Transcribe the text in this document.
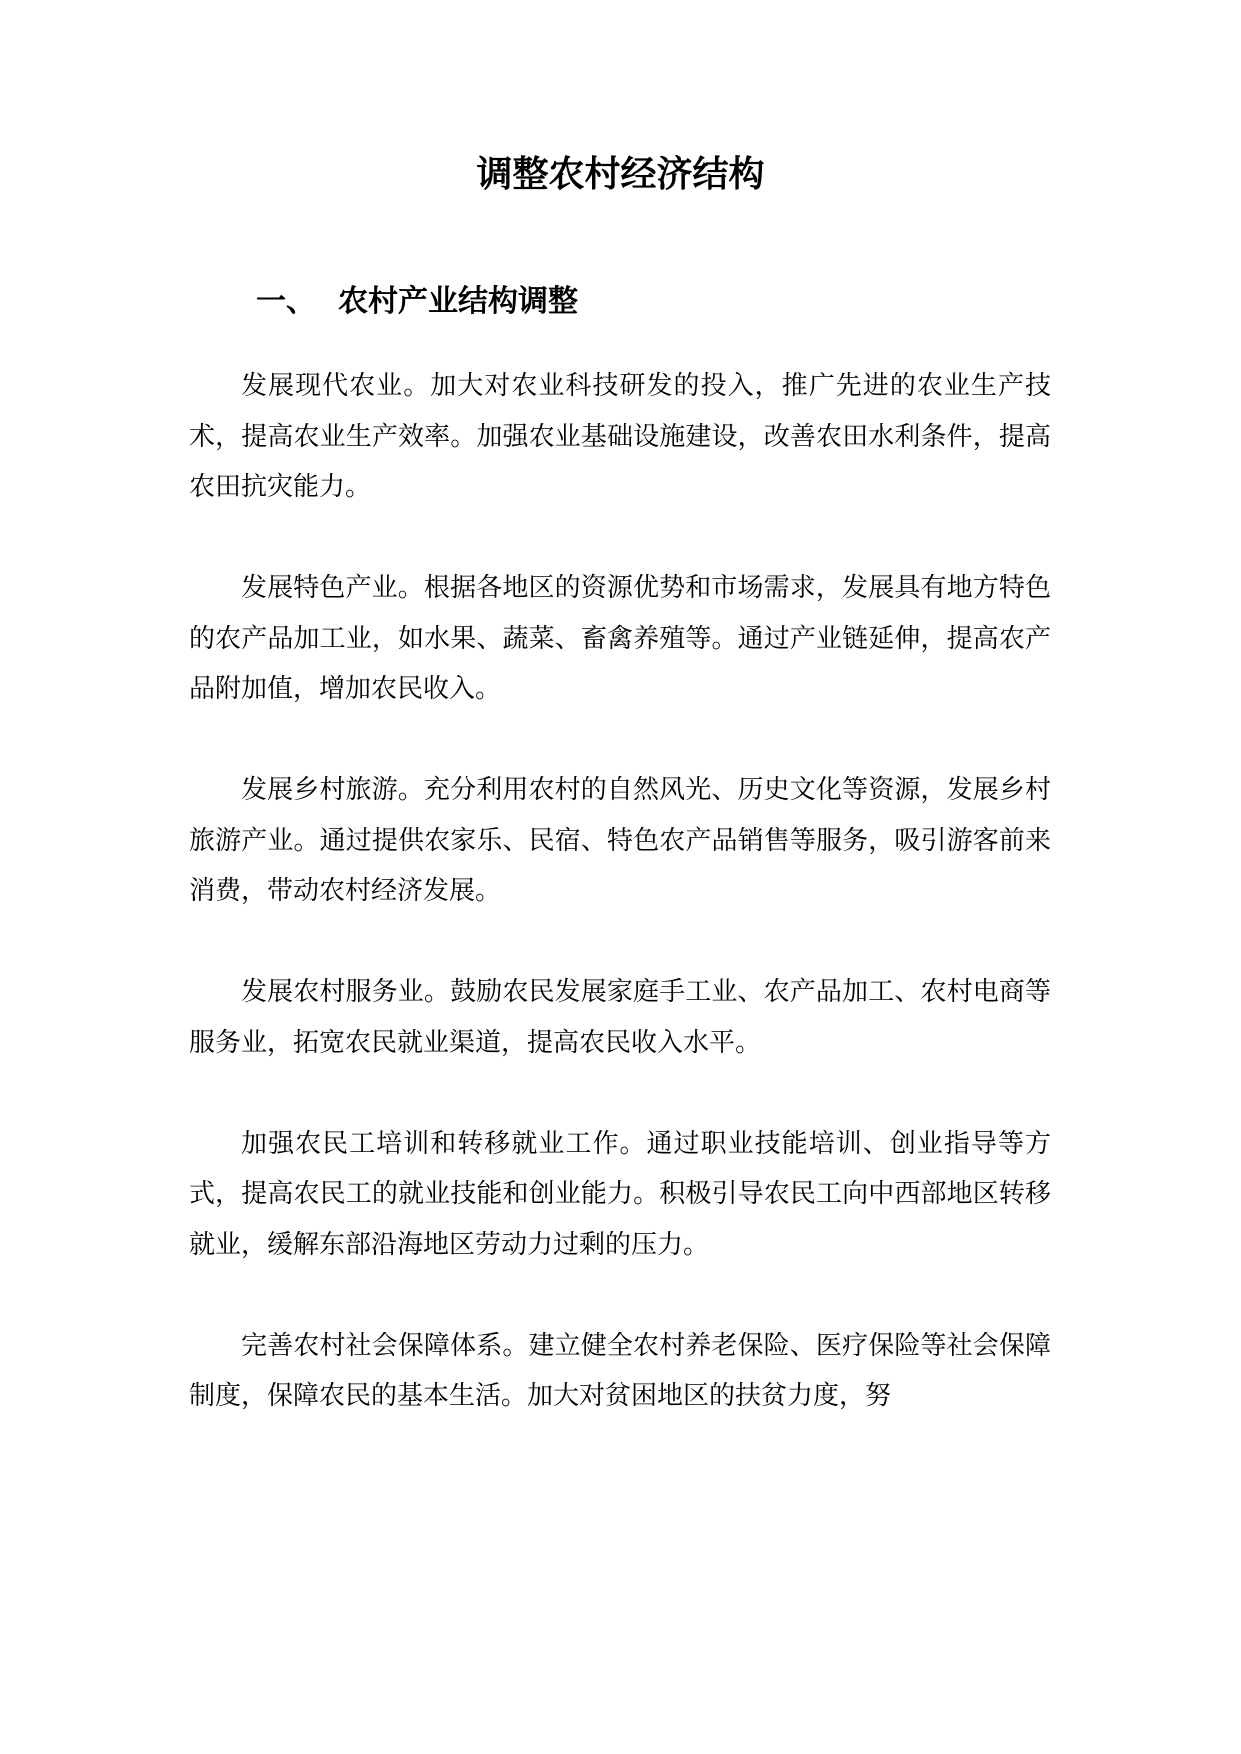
调整农村经济结构
一、 农村产业结构调整

发展现代农业。加大对农业科技研发的投入，推广先进的农业生产技术，提高农业生产效率。加强农业基础设施建设，改善农田水利条件，提高农田抗灾能力。

发展特色产业。根据各地区的资源优势和市场需求，发展具有地方特色的农产品加工业，如水果、蔬菜、畜禽养殖等。通过产业链延伸，提高农产品附加值，增加农民收入。

发展乡村旅游。充分利用农村的自然风光、历史文化等资源，发展乡村旅游产业。通过提供农家乐、民宿、特色农产品销售等服务，吸引游客前来消费，带动农村经济发展。

发展农村服务业。鼓励农民发展家庭手工业、农产品加工、农村电商等服务业，拓宽农民就业渠道，提高农民收入水平。

加强农民工培训和转移就业工作。通过职业技能培训、创业指导等方式，提高农民工的就业技能和创业能力。积极引导农民工向中西部地区转移就业，缓解东部沿海地区劳动力过剩的压力。

完善农村社会保障体系。建立健全农村养老保险、医疗保险等社会保障制度，保障农民的基本生活。加大对贫困地区的扶贫力度，努
